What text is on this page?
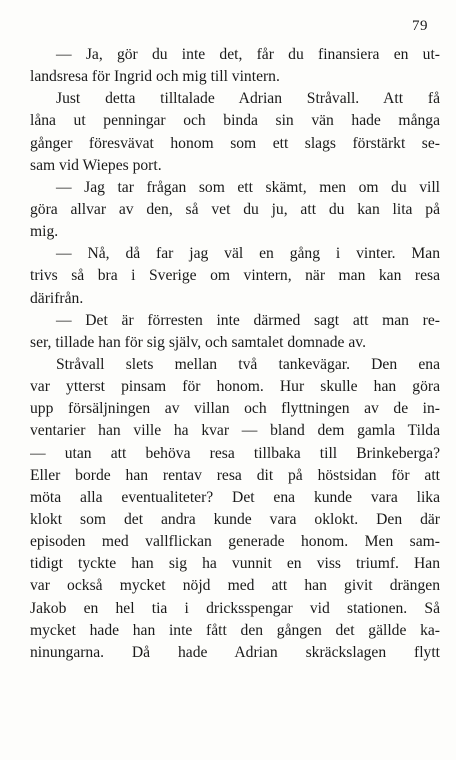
79
— Ja, gör du inte det, får du finansiera en ut-
landsresa för Ingrid och mig till vintern.
Just detta tilltalade Adrian Stråvall. Att få
låna ut penningar och binda sin vän hade många
gånger föresvävat honom som ett slags förstärkt se-
sam vid Wiepes port.
— Jag tar frågan som ett skämt, men om du vill
göra allvar av den, så vet du ju, att du kan lita på
mig.
— Nå, då far jag väl en gång i vinter. Man
trivs så bra i Sverige om vintern, när man kan resa
därifrån.
— Det är förresten inte därmed sagt att man re-
ser, tillade han för sig själv, och samtalet domnade av.
Stråvall slets mellan två tankevägar. Den ena
var ytterst pinsam för honom. Hur skulle han göra
upp försäljningen av villan och flyttningen av de in-
ventarier han ville ha kvar — bland dem gamla Tilda
— utan att behöva resa tillbaka till Brinkeberga?
Eller borde han rentav resa dit på höstsidan för att
möta alla eventualiteter? Det ena kunde vara lika
klokt som det andra kunde vara oklokt. Den där
episoden med vallflickan generade honom. Men sam-
tidigt tyckte han sig ha vunnit en viss triumf. Han
var också mycket nöjd med att han givit drängen
Jakob en hel tia i dricksspengar vid stationen. Så
mycket hade han inte fått den gången det gällde ka-
ninungarna. Då hade Adrian skräckslagen flytt
